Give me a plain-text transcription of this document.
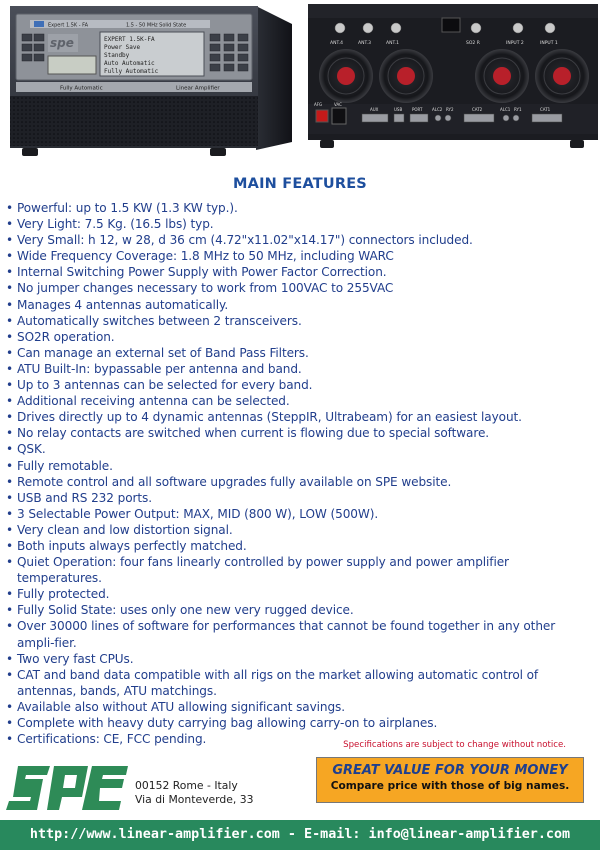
Expert 1.5K - FA	1.5 - 50 MHz Solid State
spe	EXPERT 1.5K-FA
Power Save
Standby
Auto Automatic
Fully Automatic
Fully Automatic	Linear Amplifier
ANT.4	ANT.3	ANT.1	SO2 R	INPUT 2	INPUT 1
AFG	VAC
AUX	USB PORT ALC2 RY2	CAT2	ALC1 RY1	CAT1
MAIN FEATURES
• Powerful: up to 1.5 KW (1.3 KW typ.).
• Very Light: 7.5 Kg. (16.5 lbs) typ.
• Very Small: h 12, w 28, d 36 cm (4.72"x11.02"x14.17") connectors included.
• Wide Frequency Coverage: 1.8 MHz to 50 MHz, including WARC
• Internal Switching Power Supply with Power Factor Correction.
• No jumper changes necessary to work from 100VAC to 255VAC
• Manages 4 antennas automatically.
• Automatically switches between 2 transceivers.
• SO2R operation.
• Can manage an external set of Band Pass Filters.
• ATU Built-In: bypassable per antenna and band.
• Up to 3 antennas can be selected for every band.
• Additional receiving antenna can be selected.
• Drives directly up to 4 dynamic antennas (SteppIR, Ultrabeam) for an easiest layout.
• No relay contacts are switched when current is flowing due to special software.
• QSK.
• Fully remotable.
• Remote control and all software upgrades fully available on SPE website.
• USB and RS 232 ports.
• 3 Selectable Power Output: MAX, MID (800 W), LOW (500W).
• Very clean and low distortion signal.
• Both inputs always perfectly matched.
• Quiet Operation: four fans linearly controlled by power supply and power amplifier temperatures.
• Fully protected.
• Fully Solid State: uses only one new very rugged device.
• Over 30000 lines of software for performances that cannot be found together in any other ampli-fier.
• Two very fast CPUs.
• CAT and band data compatible with all rigs on the market allowing automatic control of antennas, bands, ATU matchings.
• Available also without ATU allowing significant savings.
• Complete with heavy duty carrying bag allowing carry-on to airplanes.
• Certifications: CE, FCC pending.	Specifications are subject to change without notice.
SPE
00152 Rome - Italy
Via di Monteverde, 33
GREAT VALUE FOR YOUR MONEY
Compare price with those of big names.
http://www.linear-amplifier.com - E-mail: info@linear-amplifier.com
